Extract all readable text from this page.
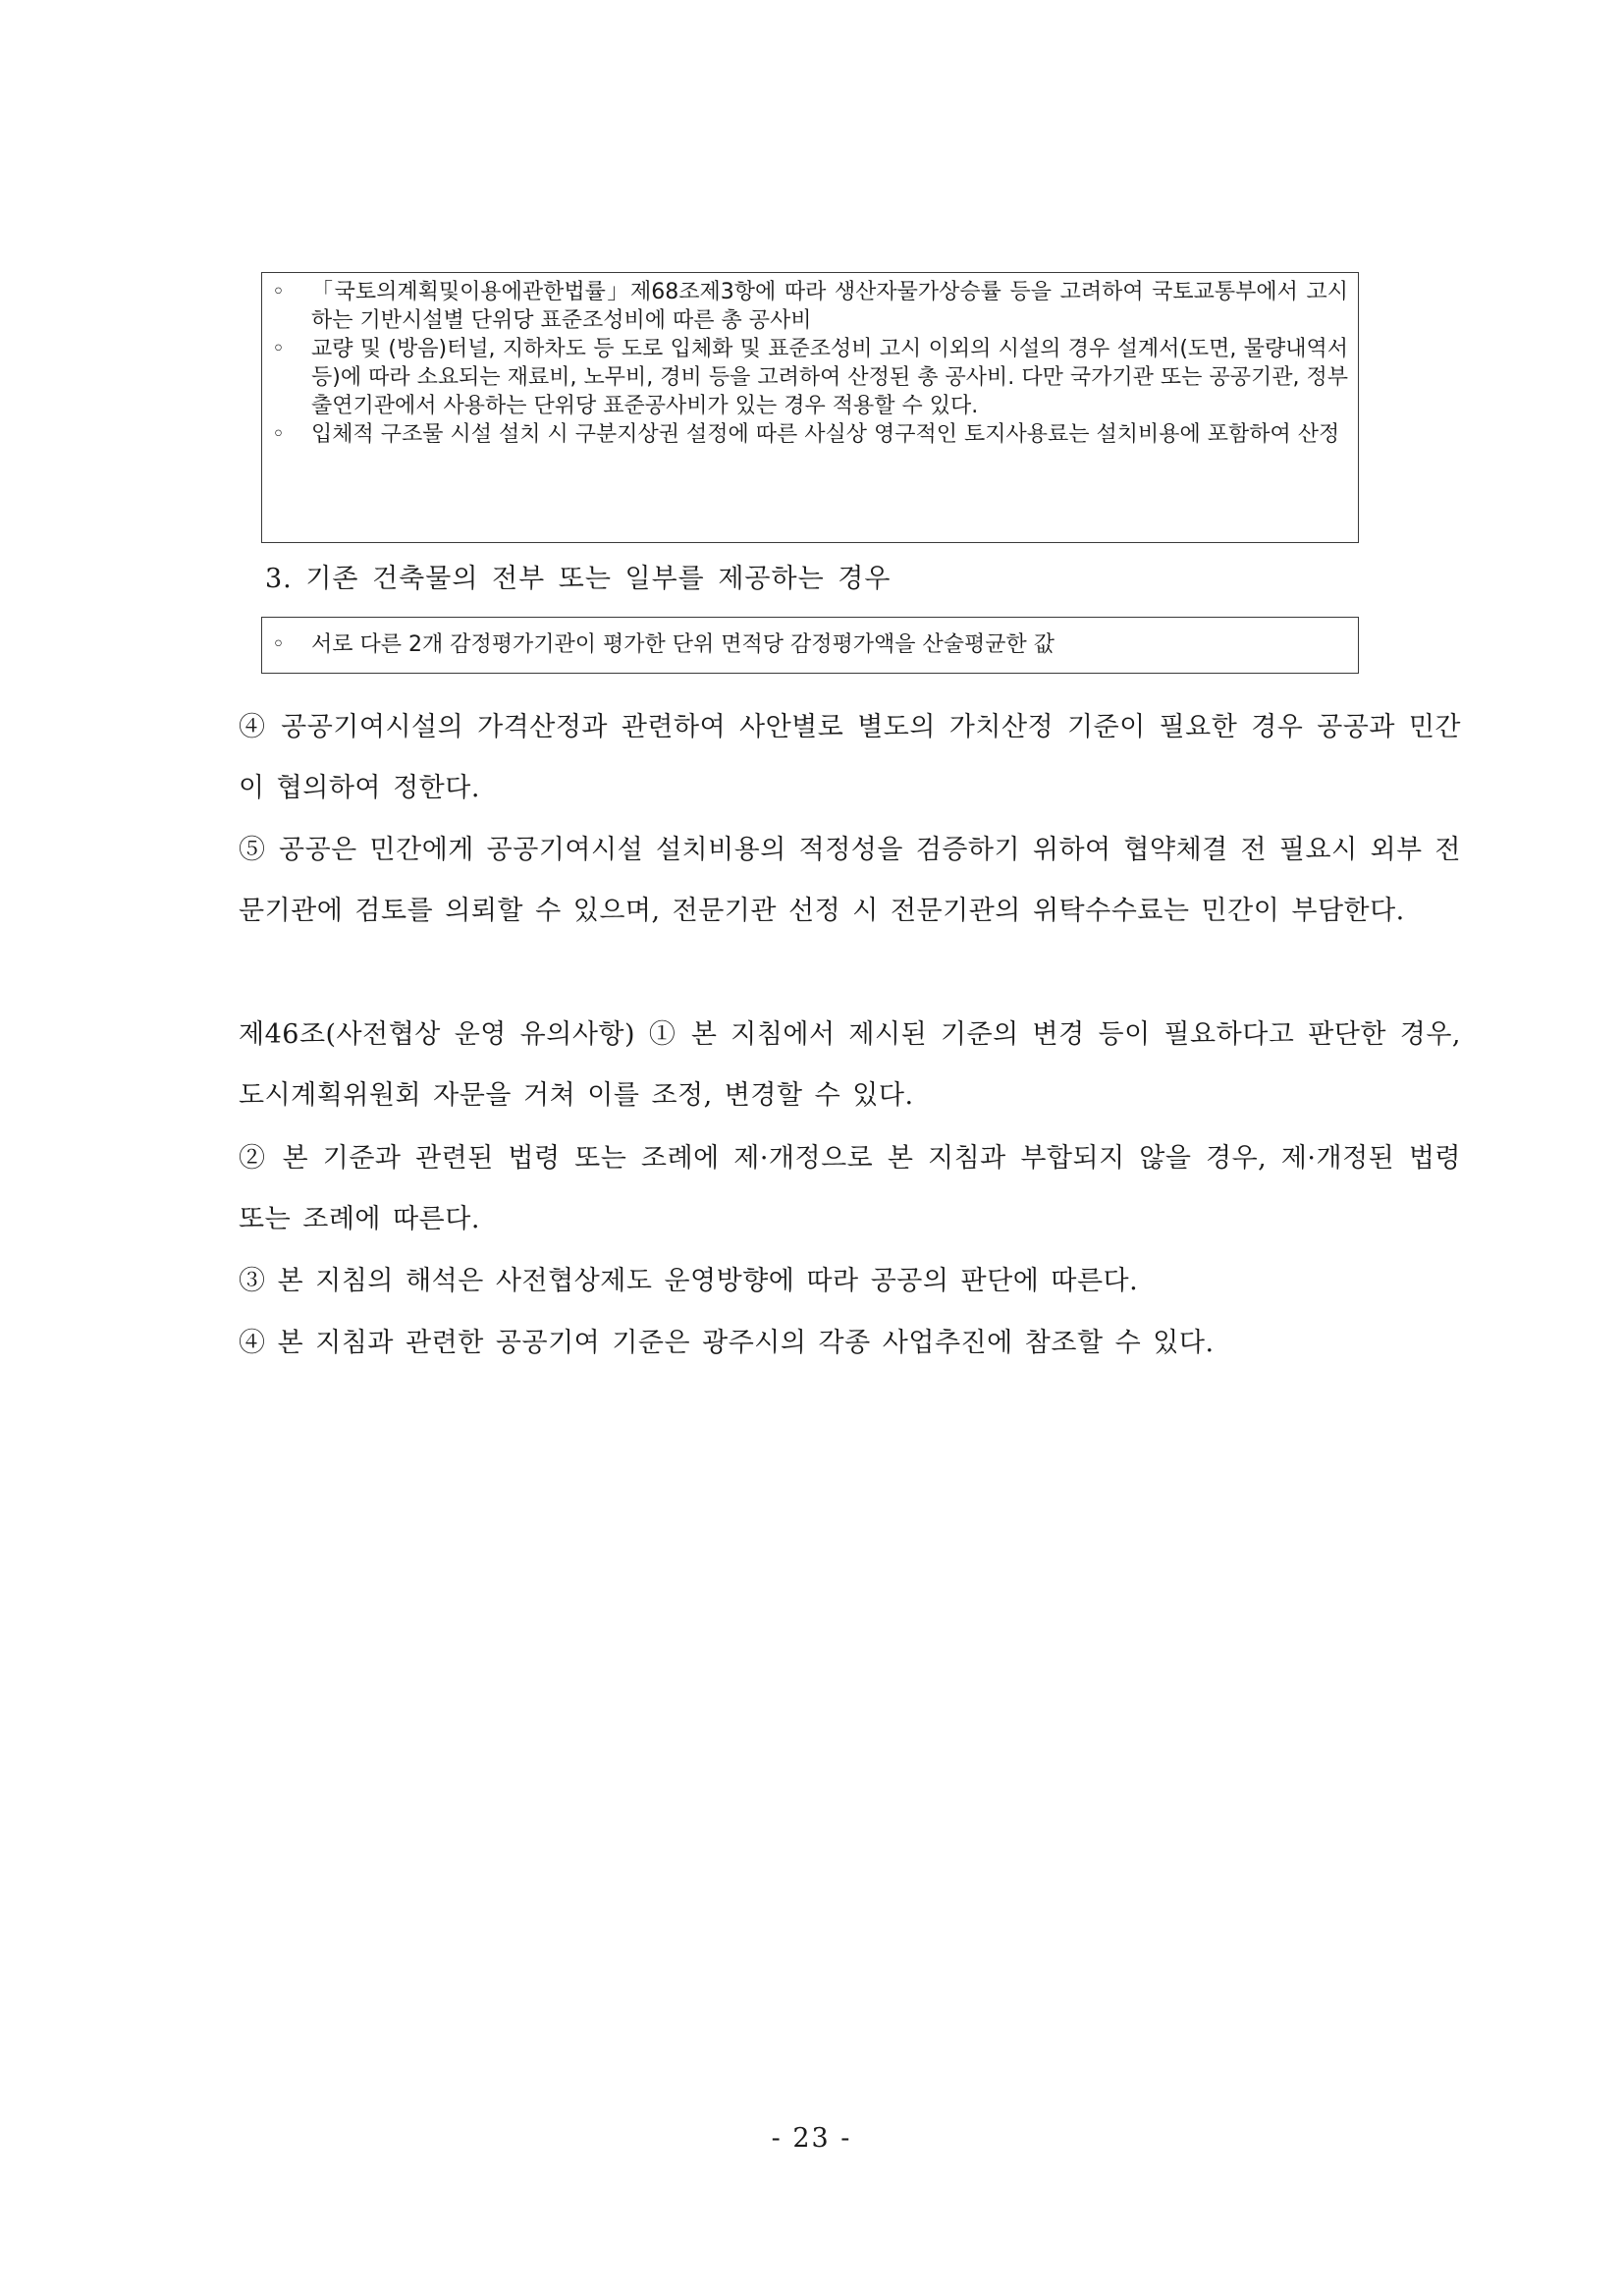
◦	「국토의계획및이용에관한법률」제68조제3항에 따라 생산자물가상승률 등을 고려하여 국토교통부에서 고시하는 기반시설별 단위당 표준조성비에 따른 총 공사비
◦	교량 및 (방음)터널, 지하차도 등 도로 입체화 및 표준조성비 고시 이외의 시설의 경우 설계서(도면, 물량내역서 등)에 따라 소요되는 재료비, 노무비, 경비 등을 고려하여 산정된 총 공사비. 다만 국가기관 또는 공공기관, 정부출연기관에서 사용하는 단위당 표준공사비가 있는 경우 적용할 수 있다.
◦	입체적 구조물 시설 설치 시 구분지상권 설정에 따른 사실상 영구적인 토지사용료는 설치비용에 포함하여 산정
3. 기존 건축물의 전부 또는 일부를 제공하는 경우
◦	서로 다른 2개 감정평가기관이 평가한 단위 면적당 감정평가액을 산술평균한 값

④ 공공기여시설의 가격산정과 관련하여 사안별로 별도의 가치산정 기준이 필요한 경우 공공과 민간이 협의하여 정한다.

⑤ 공공은 민간에게 공공기여시설 설치비용의 적정성을 검증하기 위하여 협약체결 전 필요시 외부 전문기관에 검토를 의뢰할 수 있으며, 전문기관 선정 시 전문기관의 위탁수수료는 민간이 부담한다.

제46조(사전협상 운영 유의사항) ① 본 지침에서 제시된 기준의 변경 등이 필요하다고 판단한 경우, 도시계획위원회 자문을 거쳐 이를 조정, 변경할 수 있다.

② 본 기준과 관련된 법령 또는 조례에 제·개정으로 본 지침과 부합되지 않을 경우, 제·개정된 법령 또는 조례에 따른다.

③ 본 지침의 해석은 사전협상제도 운영방향에 따라 공공의 판단에 따른다.

④ 본 지침과 관련한 공공기여 기준은 광주시의 각종 사업추진에 참조할 수 있다.

- 23 -
